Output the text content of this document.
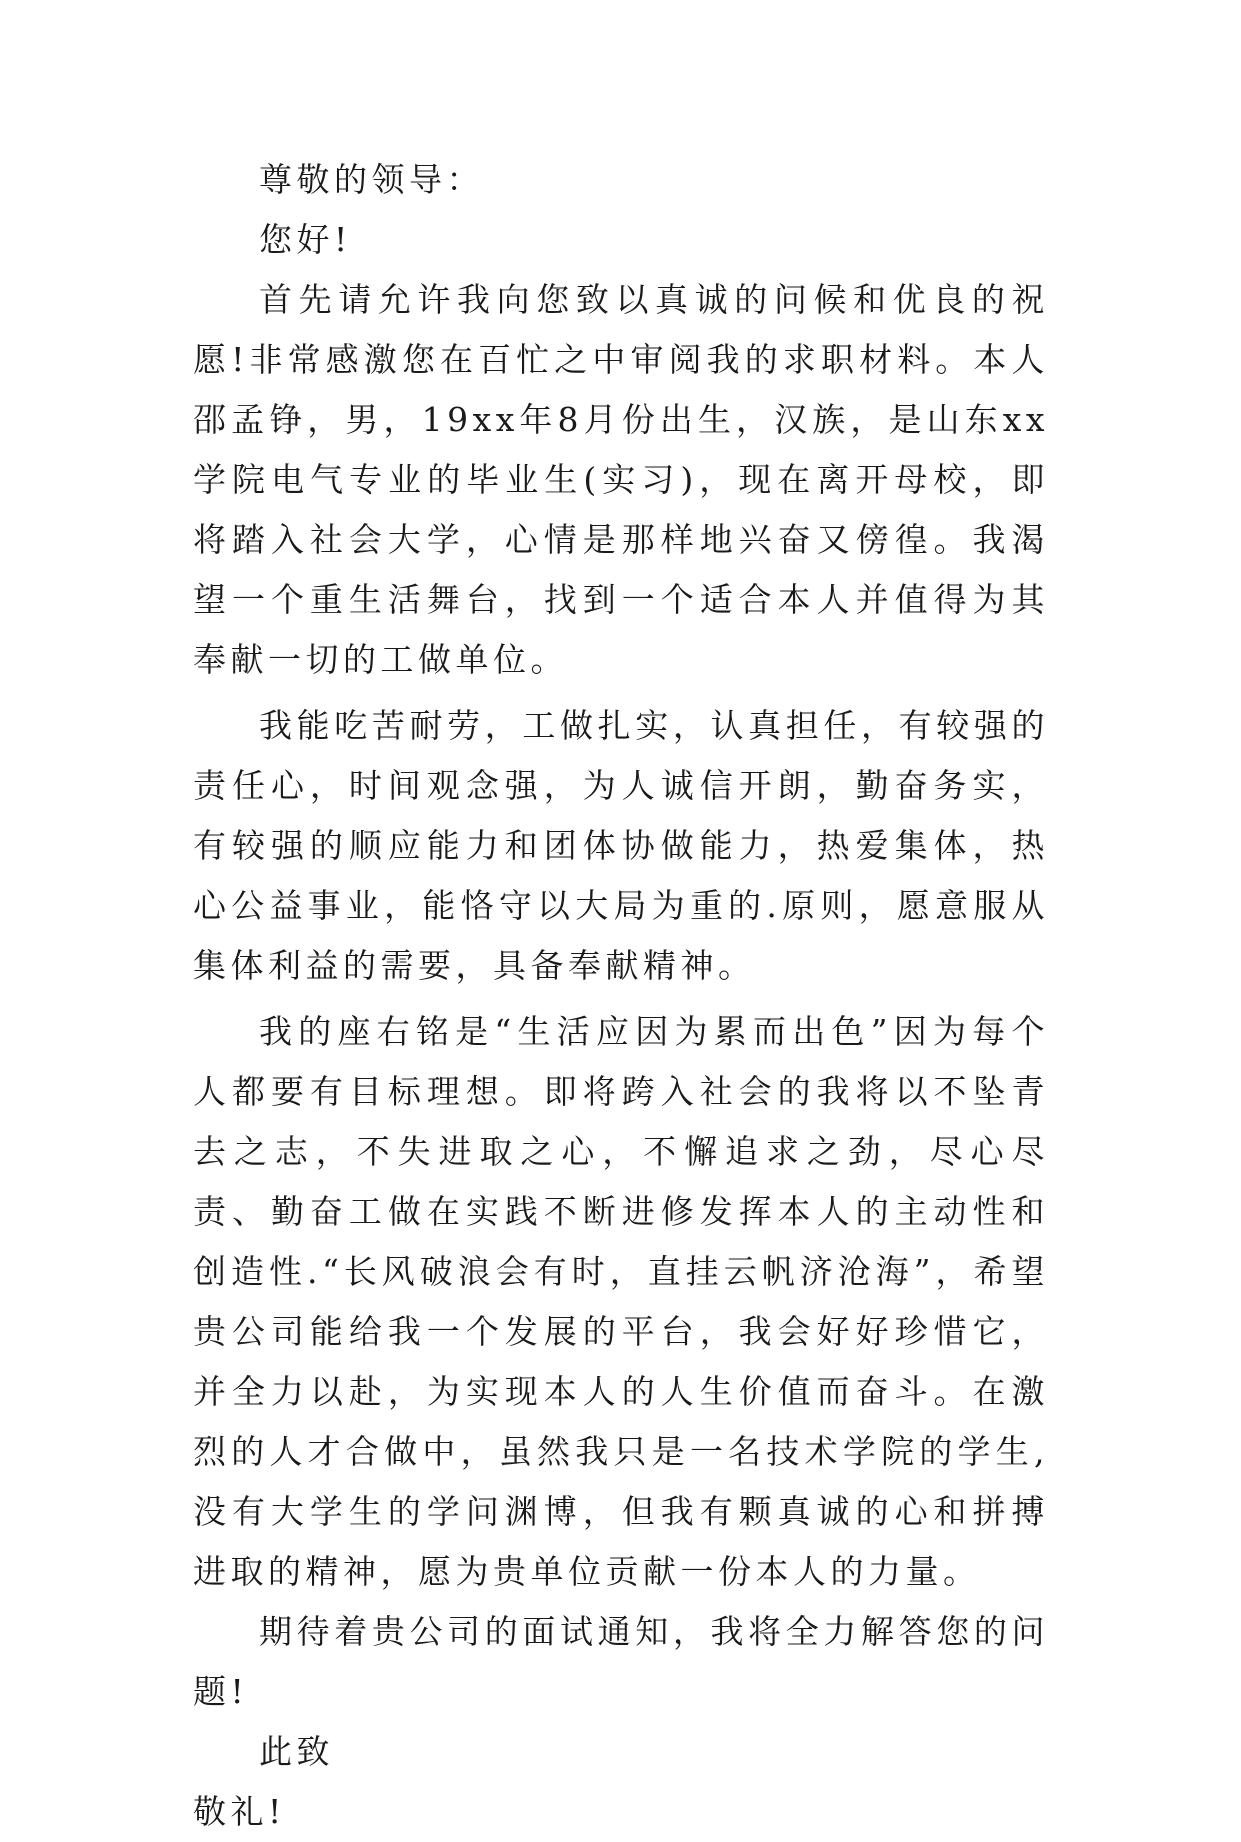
尊敬的领导：

您好!

首先请允许我向您致以真诚的问候和优良的祝愿!非常感激您在百忙之中审阅我的求职材料。本人邵孟铮，男，19xx年8月份出生，汉族，是山东xx学院电气专业的毕业生(实习)，现在离开母校，即将踏入社会大学，心情是那样地兴奋又傍徨。我渴望一个重生活舞台，找到一个适合本人并值得为其奉献一切的工做单位。

我能吃苦耐劳，工做扎实，认真担任，有较强的责任心，时间观念强，为人诚信开朗，勤奋务实，有较强的顺应能力和团体协做能力，热爱集体，热心公益事业，能恪守以大局为重的.原则，愿意服从集体利益的需要，具备奉献精神。

我的座右铭是“生活应因为累而出色”因为每个人都要有目标理想。即将跨入社会的我将以不坠青去之志，不失进取之心，不懈追求之劲，尽心尽责、勤奋工做在实践不断进修发挥本人的主动性和创造性.“长风破浪会有时，直挂云帆济沧海”，希望贵公司能给我一个发展的平台，我会好好珍惜它，并全力以赴，为实现本人的人生价值而奋斗。在激烈的人才合做中，虽然我只是一名技术学院的学生,没有大学生的学问渊博，但我有颗真诚的心和拼搏进取的精神，愿为贵单位贡献一份本人的力量。

期待着贵公司的面试通知，我将全力解答您的问题!

此致

敬礼!
